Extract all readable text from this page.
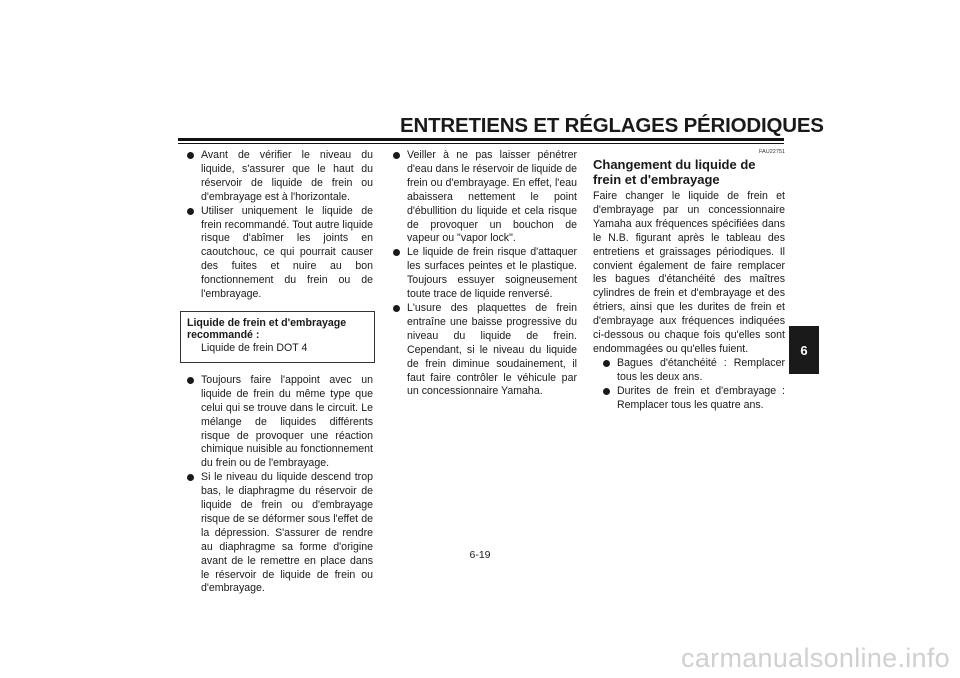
ENTRETIENS ET RÉGLAGES PÉRIODIQUES
Avant de vérifier le niveau du liquide, s'assurer que le haut du réservoir de liquide de frein ou d'embrayage est à l'horizontale.
Utiliser uniquement le liquide de frein recommandé. Tout autre liquide risque d'abîmer les joints en caoutchouc, ce qui pourrait causer des fuites et nuire au bon fonctionnement du frein ou de l'embrayage.
Liquide de frein et d'embrayage recommandé :
Liquide de frein DOT 4
Toujours faire l'appoint avec un liquide de frein du même type que celui qui se trouve dans le circuit. Le mélange de liquides différents risque de provoquer une réaction chimique nuisible au fonctionnement du frein ou de l'embrayage.
Si le niveau du liquide descend trop bas, le diaphragme du réservoir de liquide de frein ou d'embrayage risque de se déformer sous l'effet de la dépression. S'assurer de rendre au diaphragme sa forme d'origine avant de le remettre en place dans le réservoir de liquide de frein ou d'embrayage.
Veiller à ne pas laisser pénétrer d'eau dans le réservoir de liquide de frein ou d'embrayage. En effet, l'eau abaissera nettement le point d'ébullition du liquide et cela risque de provoquer un bouchon de vapeur ou "vapor lock".
Le liquide de frein risque d'attaquer les surfaces peintes et le plastique. Toujours essuyer soigneusement toute trace de liquide renversé.
L'usure des plaquettes de frein entraîne une baisse progressive du niveau du liquide de frein. Cependant, si le niveau du liquide de frein diminue soudainement, il faut faire contrôler le véhicule par un concessionnaire Yamaha.
FAU22751
Changement du liquide de frein et d'embrayage
Faire changer le liquide de frein et d'embrayage par un concessionnaire Yamaha aux fréquences spécifiées dans le N.B. figurant après le tableau des entretiens et graissages périodiques. Il convient également de faire remplacer les bagues d'étanchéité des maîtres cylindres de frein et d'embrayage et des étriers, ainsi que les durites de frein et d'embrayage aux fréquences indiquées ci-dessous ou chaque fois qu'elles sont endommagées ou qu'elles fuient.
Bagues d'étanchéité : Remplacer tous les deux ans.
Durites de frein et d'embrayage : Remplacer tous les quatre ans.
6-19
6
carmanualsonline.info
